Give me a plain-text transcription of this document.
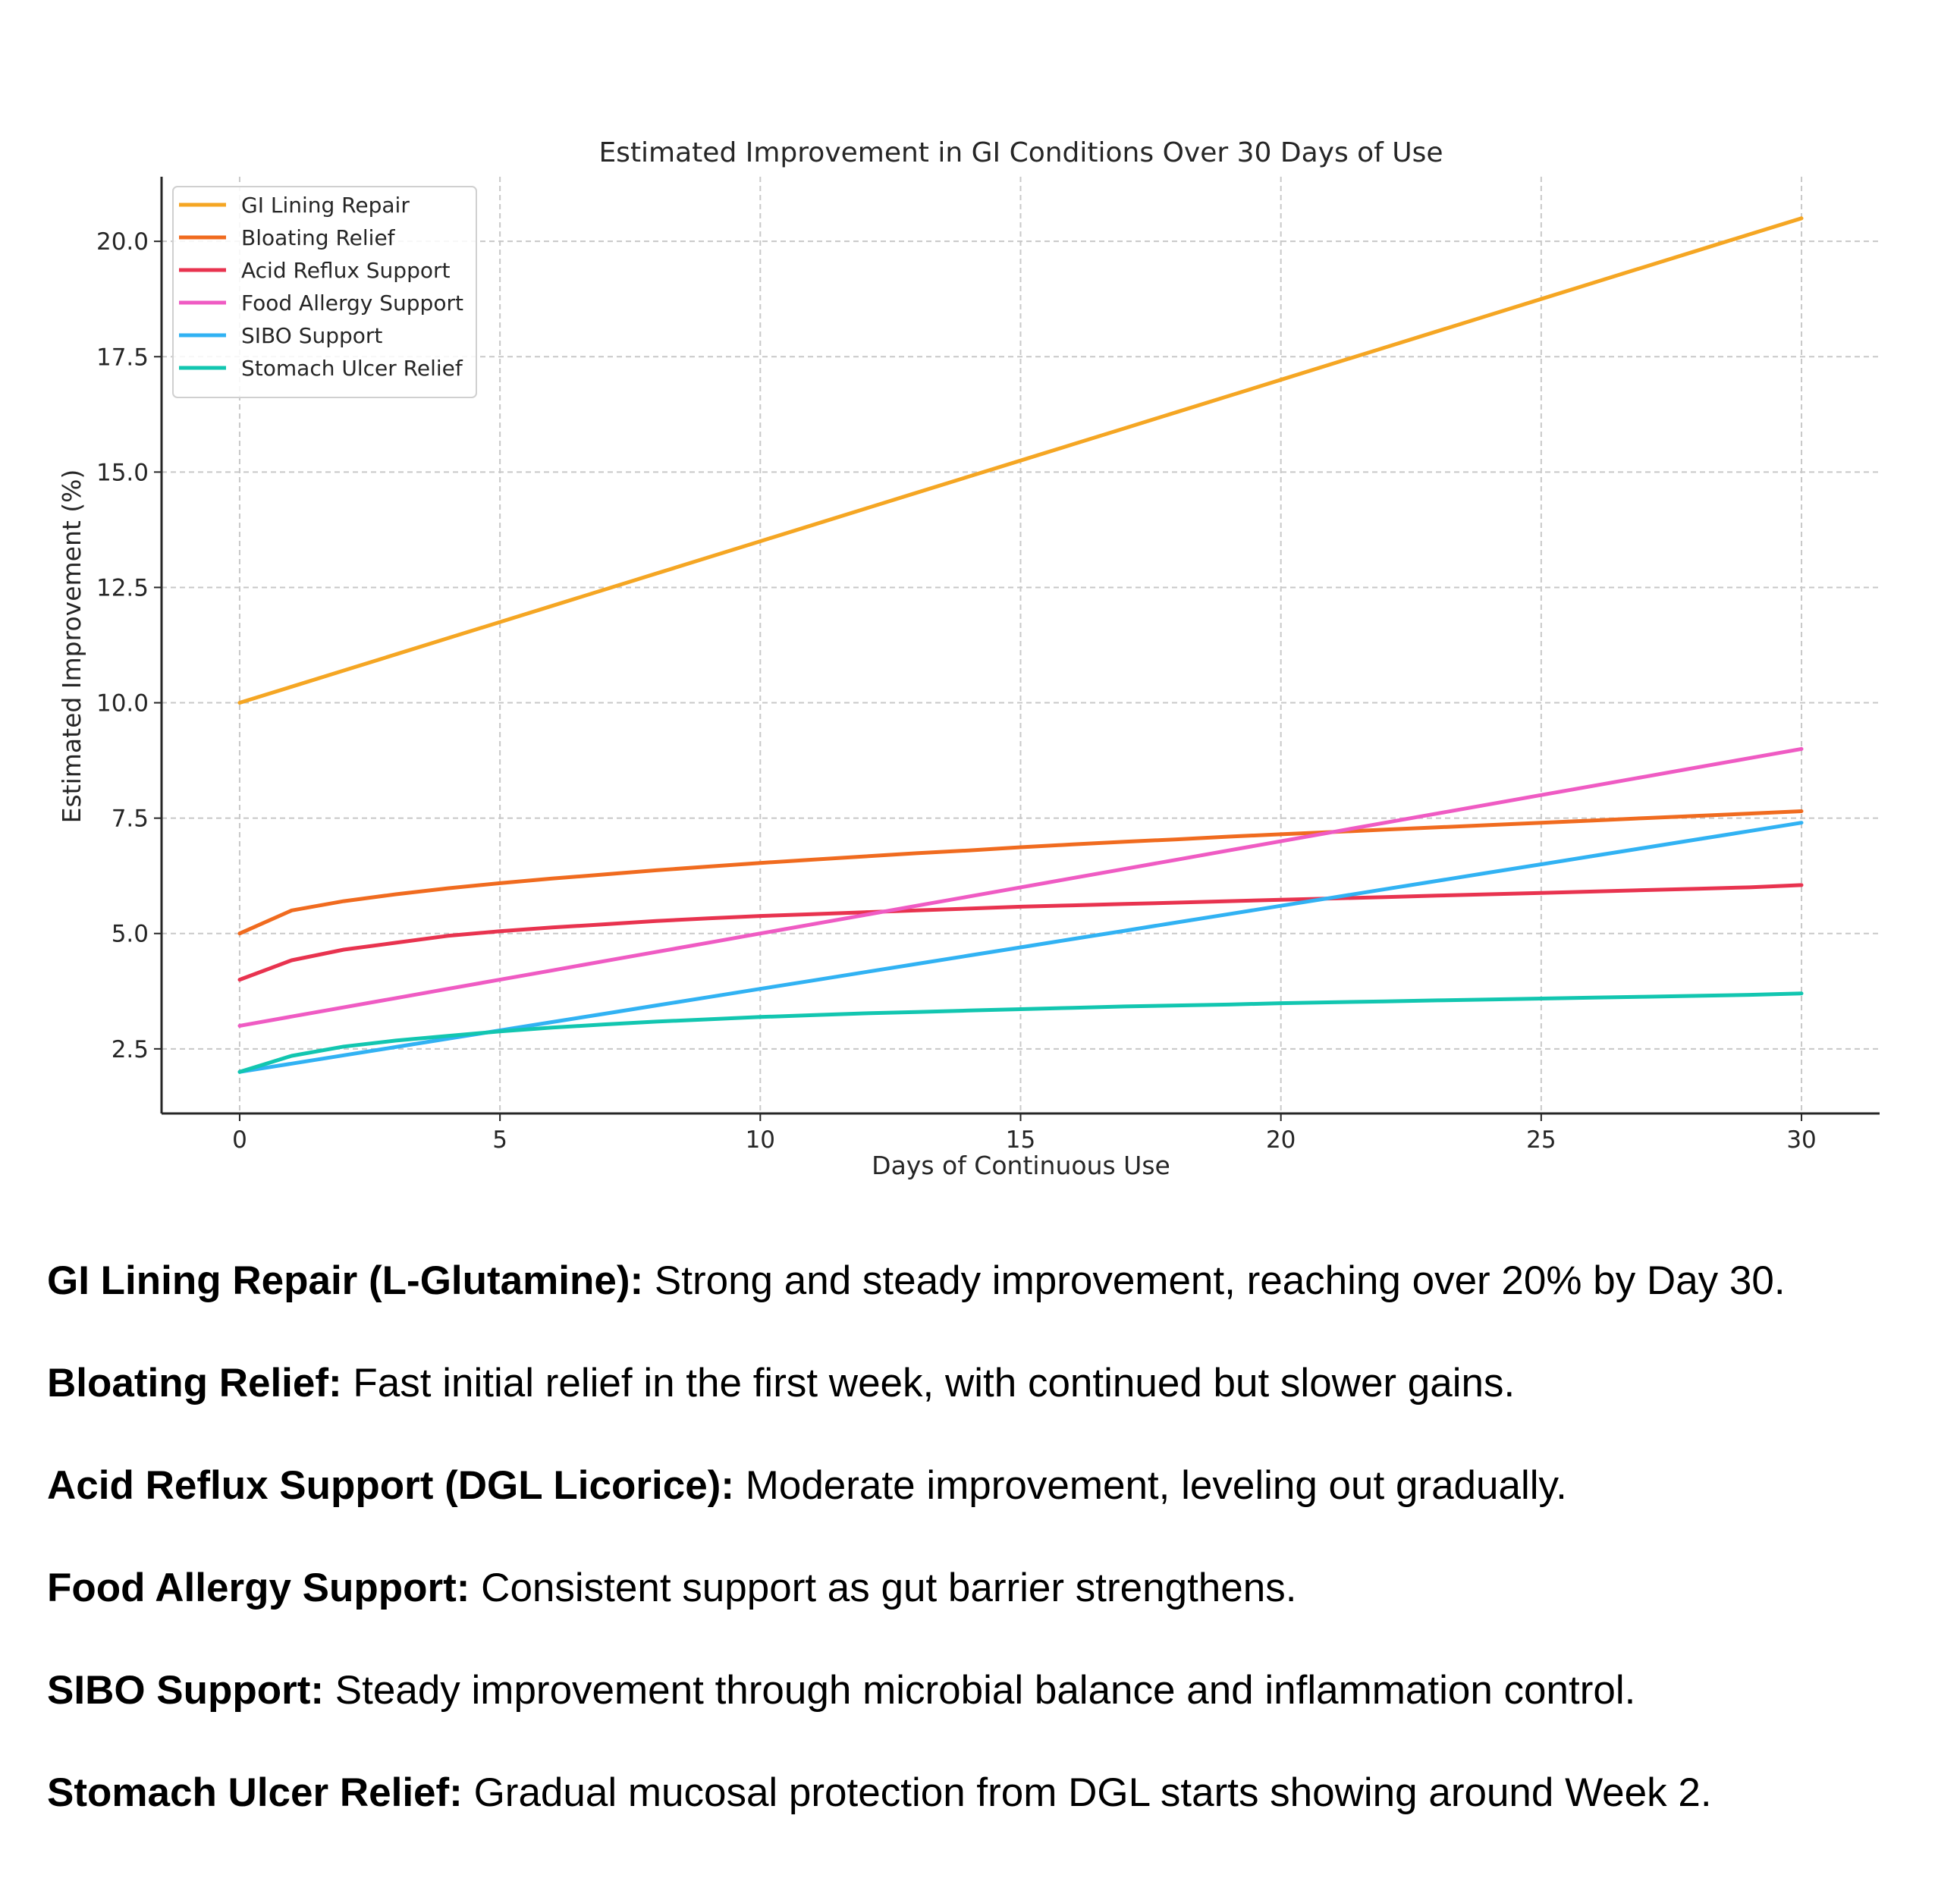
0	5	10	15	20	25	30
2.5
5.0
7.5
10.0
12.5
15.0
17.5
20.0
Estimated Improvement in GI Conditions Over 30 Days of Use
Days of Continuous Use
Estimated Improvement (%)
GI Lining Repair
Bloating Relief
Acid Reflux Support
Food Allergy Support
SIBO Support
Stomach Ulcer Relief

GI Lining Repair (L-Glutamine): Strong and steady improvement, reaching over 20% by Day 30.

Bloating Relief: Fast initial relief in the first week, with continued but slower gains.

Acid Reflux Support (DGL Licorice): Moderate improvement, leveling out gradually.

Food Allergy Support: Consistent support as gut barrier strengthens.

SIBO Support: Steady improvement through microbial balance and inflammation control.

Stomach Ulcer Relief: Gradual mucosal protection from DGL starts showing around Week 2.
